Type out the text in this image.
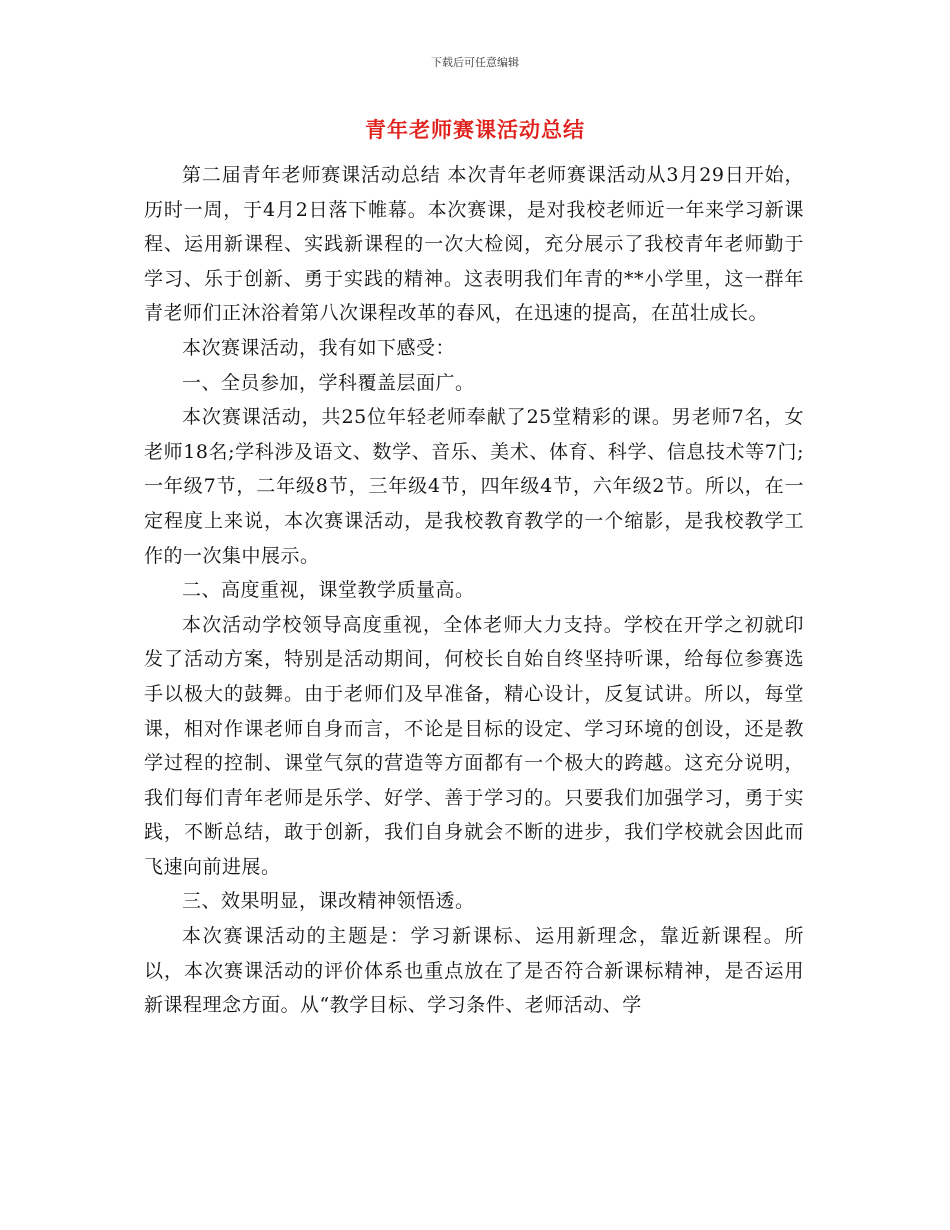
下载后可任意编辑
青年老师赛课活动总结

第二届青年老师赛课活动总结 本次青年老师赛课活动从3月29日开始，历时一周，于4月2日落下帷幕。本次赛课，是对我校老师近一年来学习新课程、运用新课程、实践新课程的一次大检阅，充分展示了我校青年老师勤于学习、乐于创新、勇于实践的精神。这表明我们年青的**小学里，这一群年青老师们正沐浴着第八次课程改革的春风，在迅速的提高，在茁壮成长。

本次赛课活动，我有如下感受：

一、全员参加，学科覆盖层面广。

本次赛课活动，共25位年轻老师奉献了25堂精彩的课。男老师7名，女老师18名;学科涉及语文、数学、音乐、美术、体育、科学、信息技术等7门;一年级7节，二年级8节，三年级4节，四年级4节，六年级2节。所以，在一定程度上来说，本次赛课活动，是我校教育教学的一个缩影，是我校教学工作的一次集中展示。

二、高度重视，课堂教学质量高。

本次活动学校领导高度重视，全体老师大力支持。学校在开学之初就印发了活动方案，特别是活动期间，何校长自始自终坚持听课，给每位参赛选手以极大的鼓舞。由于老师们及早准备，精心设计，反复试讲。所以，每堂课，相对作课老师自身而言，不论是目标的设定、学习环境的创设，还是教学过程的控制、课堂气氛的营造等方面都有一个极大的跨越。这充分说明，我们每们青年老师是乐学、好学、善于学习的。只要我们加强学习，勇于实践，不断总结，敢于创新，我们自身就会不断的进步，我们学校就会因此而飞速向前进展。

三、效果明显，课改精神领悟透。

本次赛课活动的主题是：学习新课标、运用新理念，靠近新课程。所以，本次赛课活动的评价体系也重点放在了是否符合新课标精神，是否运用新课程理念方面。从“教学目标、学习条件、老师活动、学
